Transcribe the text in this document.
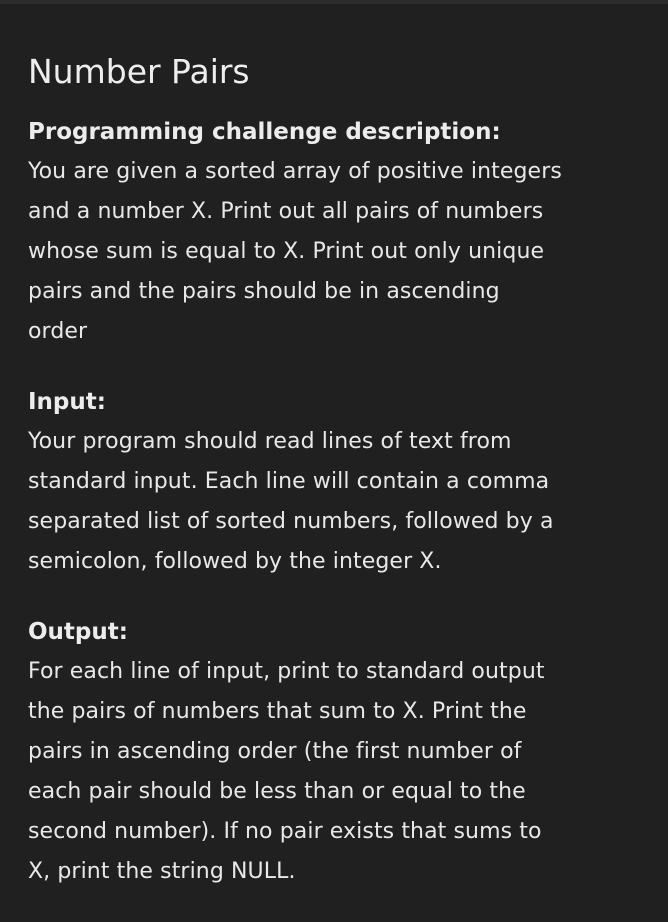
Number Pairs
Programming challenge description:
You are given a sorted array of positive integers
and a number X. Print out all pairs of numbers
whose sum is equal to X. Print out only unique
pairs and the pairs should be in ascending
order
Input:
Your program should read lines of text from
standard input. Each line will contain a comma
separated list of sorted numbers, followed by a
semicolon, followed by the integer X.
Output:
For each line of input, print to standard output
the pairs of numbers that sum to X. Print the
pairs in ascending order (the first number of
each pair should be less than or equal to the
second number). If no pair exists that sums to
X, print the string NULL.
